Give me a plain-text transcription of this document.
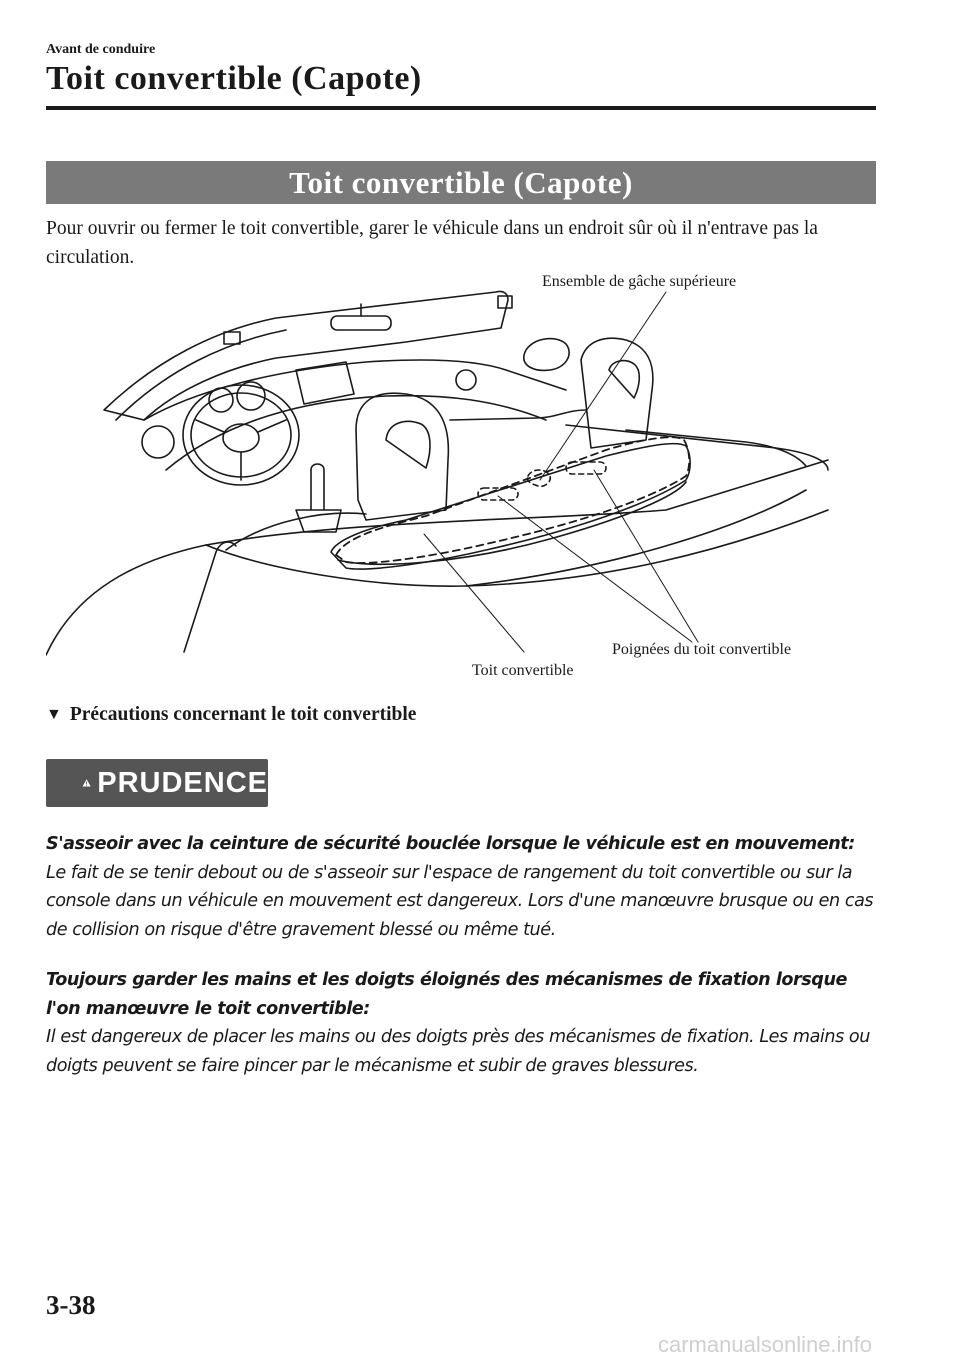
Avant de conduire
Toit convertible (Capote)
Toit convertible (Capote)
Pour ouvrir ou fermer le toit convertible, garer le véhicule dans un endroit sûr où il n'entrave pas la circulation.
Ensemble de gâche supérieure
Poignées du toit convertible
Toit convertible
▼ Précautions concernant le toit convertible
PRUDENCE
S'asseoir avec la ceinture de sécurité bouclée lorsque le véhicule est en mouvement:
Le fait de se tenir debout ou de s'asseoir sur l'espace de rangement du toit convertible ou sur la console dans un véhicule en mouvement est dangereux. Lors d'une manœuvre brusque ou en cas de collision on risque d'être gravement blessé ou même tué.
Toujours garder les mains et les doigts éloignés des mécanismes de fixation lorsque l'on manœuvre le toit convertible:
Il est dangereux de placer les mains ou des doigts près des mécanismes de fixation. Les mains ou doigts peuvent se faire pincer par le mécanisme et subir de graves blessures.
3-38
carmanualsonline.info
